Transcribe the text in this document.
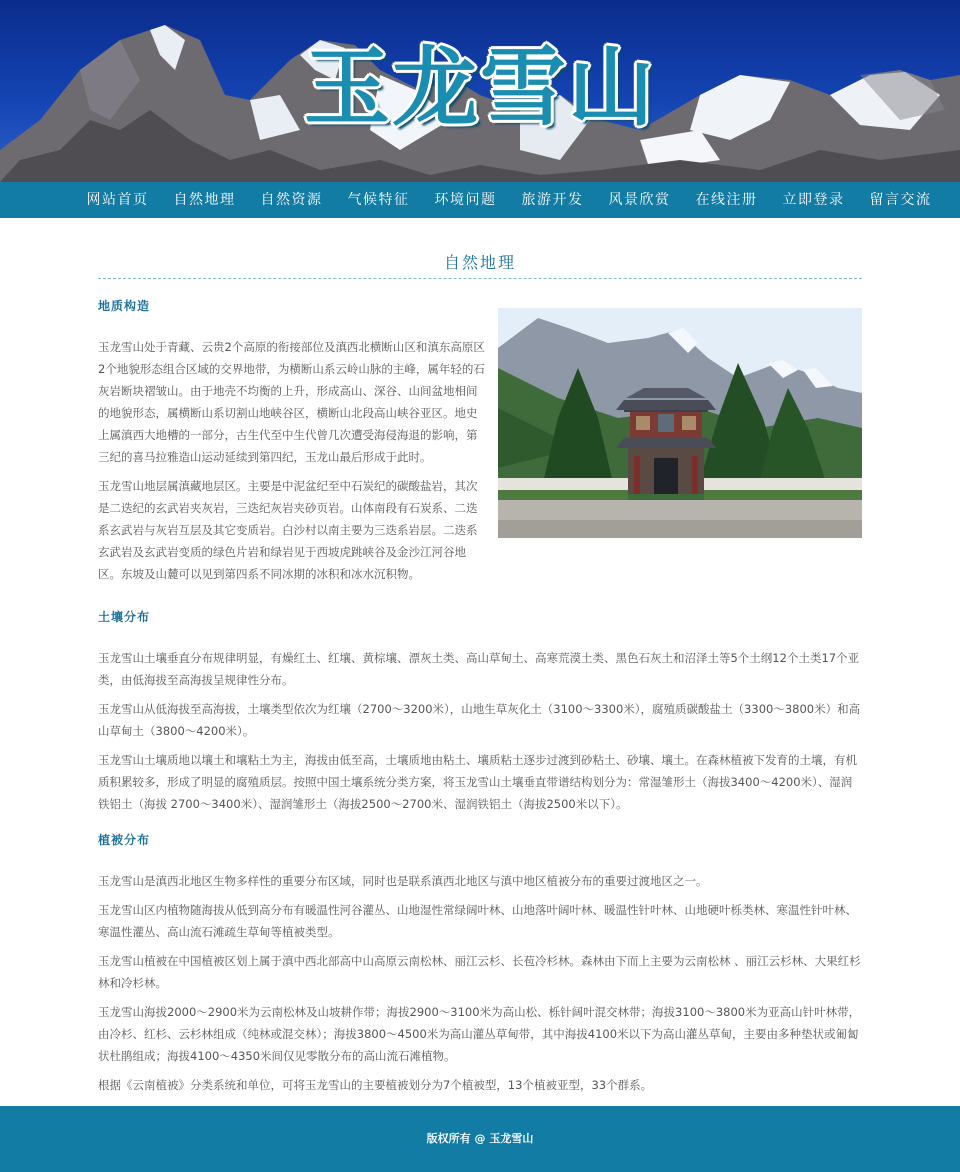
玉龙雪山
网站首页	自然地理	自然资源	气候特征	环境问题	旅游开发	风景欣赏	在线注册	立即登录	留言交流
自然地理
地质构造

玉龙雪山处于青藏、云贵2个高原的衔接部位及滇西北横断山区和滇东高原区2个地貌形态组合区域的交界地带，为横断山系云岭山脉的主峰，属年轻的石灰岩断块褶皱山。由于地壳不均衡的上升，形成高山、深谷、山间盆地相间的地貌形态，属横断山系切割山地峡谷区，横断山北段高山峡谷亚区。地史上属滇西大地槽的一部分，古生代至中生代曾几次遭受海侵海退的影响，第三纪的喜马拉雅造山运动延续到第四纪，玉龙山最后形成于此时。

玉龙雪山地层属滇藏地层区。主要是中泥盆纪至中石炭纪的碳酸盐岩，其次是二迭纪的玄武岩夹灰岩，三迭纪灰岩夹砂页岩。山体南段有石炭系、二迭系玄武岩与灰岩互层及其它变质岩。白沙村以南主要为三迭系岩层。二迭系玄武岩及玄武岩变质的绿色片岩和绿岩见于西坡虎跳峡谷及金沙江河谷地区。东坡及山麓可以见到第四系不同冰期的冰积和冰水沉积物。

土壤分布

玉龙雪山土壤垂直分布规律明显，有燥红土、红壤、黄棕壤、漂灰土类、高山草甸土、高寒荒漠土类、黑色石灰土和沼泽土等5个土纲12个土类17个亚类，由低海拔至高海拔呈规律性分布。

玉龙雪山从低海拔至高海拔，土壤类型依次为红壤（2700～3200米），山地生草灰化土（3100～3300米），腐殖质碳酸盐土（3300～3800米）和高山草甸土（3800～4200米）。

玉龙雪山土壤质地以壤土和壤粘土为主，海拔由低至高，土壤质地由粘土、壤质粘土逐步过渡到砂粘土、砂壤、壤土。在森林植被下发育的土壤，有机质积累较多，形成了明显的腐殖质层。按照中国土壤系统分类方案，将玉龙雪山土壤垂直带谱结构划分为：常湿雏形土（海拔3400～4200米）、湿润铁铝土（海拔 2700～3400米）、湿润雏形土（海拔2500～2700米、湿润铁铝土（海拔2500米以下）。

植被分布

玉龙雪山是滇西北地区生物多样性的重要分布区域，同时也是联系滇西北地区与滇中地区植被分布的重要过渡地区之一。

玉龙雪山区内植物随海拔从低到高分布有暖温性河谷灌丛、山地湿性常绿阔叶林、山地落叶阔叶林、暖温性针叶林、山地硬叶栎类林、寒温性针叶林、寒温性灌丛、高山流石滩疏生草甸等植被类型。

玉龙雪山植被在中国植被区划上属于滇中西北部高中山高原云南松林、丽江云杉、长苞冷杉林。森林由下而上主要为云南松林 、丽江云杉林、大果红杉林和冷杉林。

玉龙雪山海拔2000～2900米为云南松林及山坡耕作带；海拔2900～3100米为高山松、栎针阔叶混交林带；海拔3100～3800米为亚高山针叶林带，由冷杉、红杉、云杉林组成（纯林或混交林）；海拔3800～4500米为高山灌丛草甸带，其中海拔4100米以下为高山灌丛草甸，主要由多种垫状或匍匐状杜鹃组成；海拔4100～4350米间仅见零散分布的高山流石滩植物。

根据《云南植被》分类系统和单位，可将玉龙雪山的主要植被划分为7个植被型，13个植被亚型，33个群系。

版权所有 @ 玉龙雪山
